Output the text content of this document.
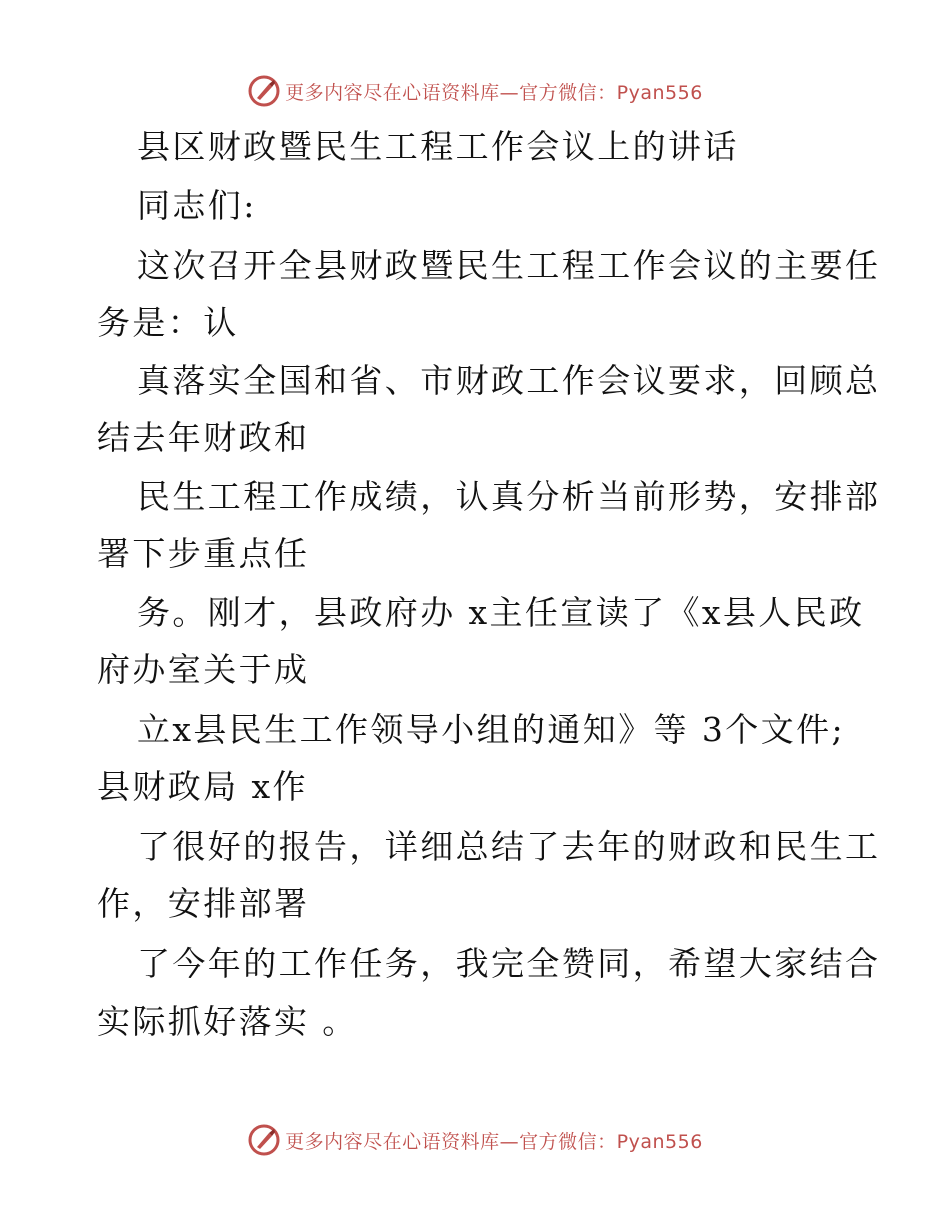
更多内容尽在心语资料库—官方微信：Pyan556
县区财政暨民生工程工作会议上的讲话
同志们:
这次召开全县财政暨民生工程工作会议的主要任
务是：认
真落实全国和省、市财政工作会议要求，回顾总
结去年财政和
民生工程工作成绩，认真分析当前形势，安排部
署下步重点任
务。刚才，县政府办 x主任宣读了《x县人民政
府办室关于成
立x县民生工作领导小组的通知》等 3个文件;
县财政局 x作
了很好的报告，详细总结了去年的财政和民生工
作，安排部署
了今年的工作任务，我完全赞同，希望大家结合
实际抓好落实 。
更多内容尽在心语资料库—官方微信：Pyan556
